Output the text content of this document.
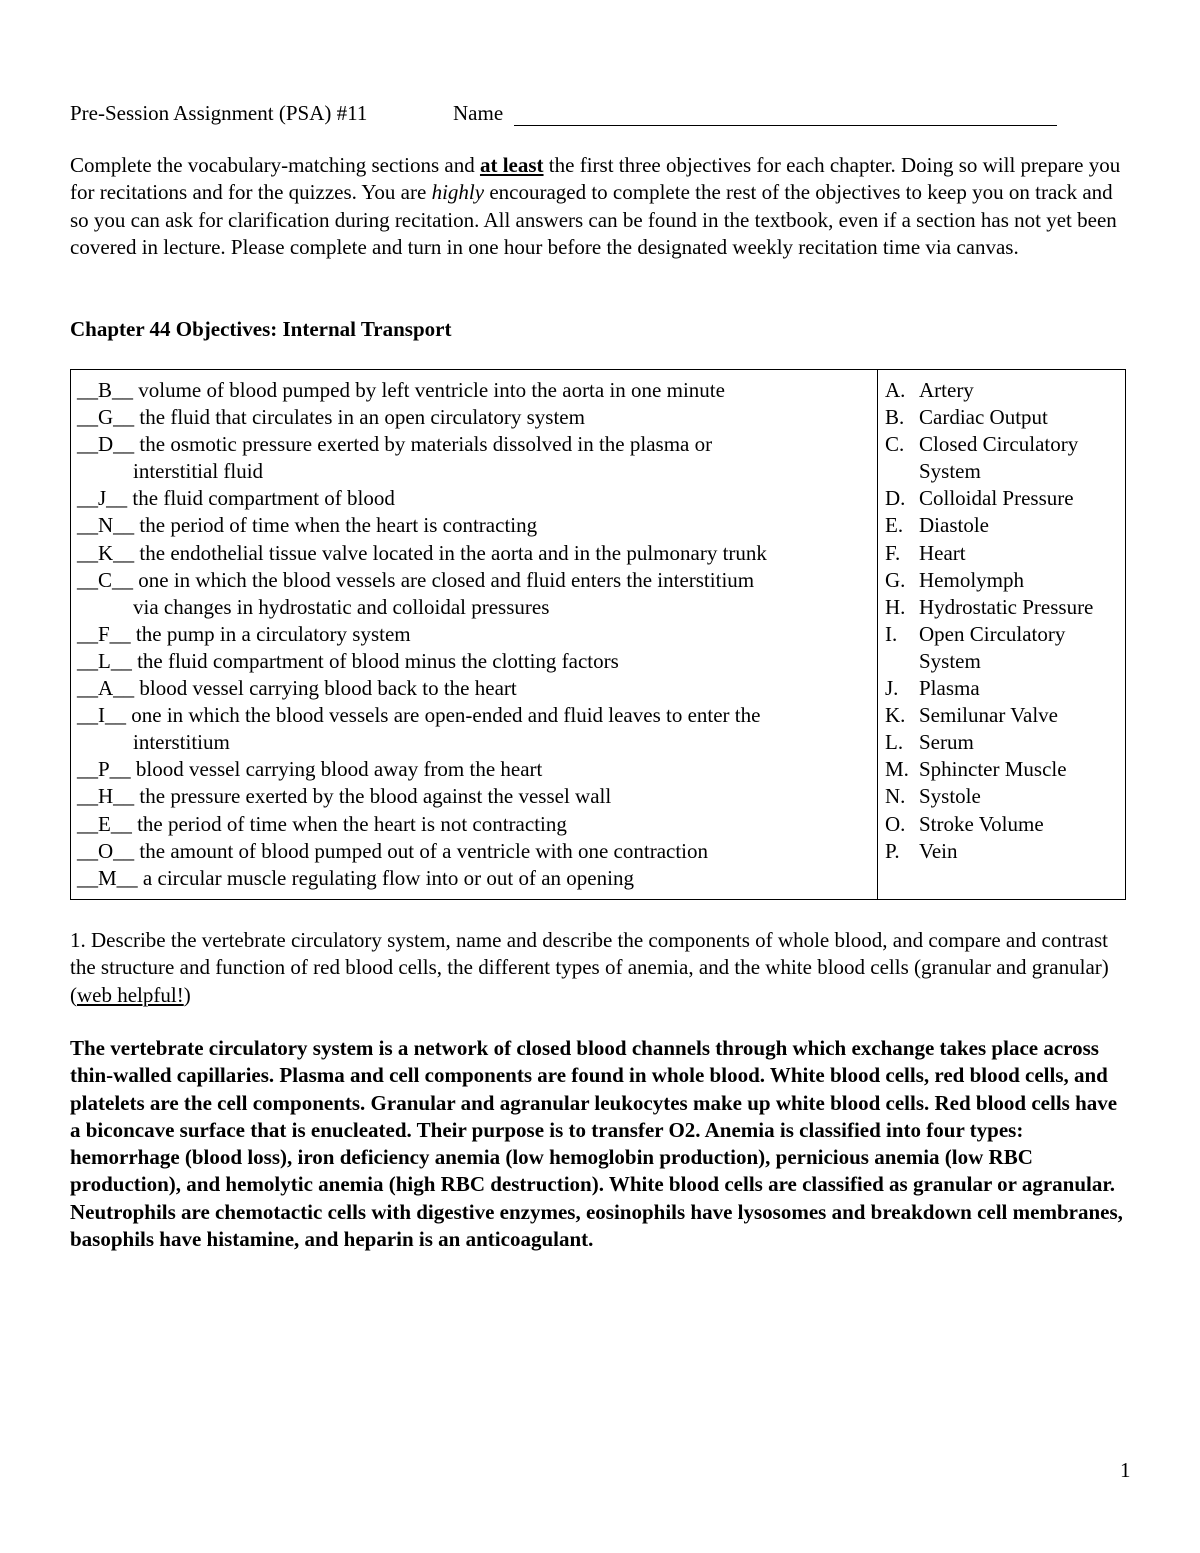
Pre-Session Assignment (PSA) #11	Name
Complete the vocabulary-matching sections and at least the first three objectives for each chapter. Doing so will prepare you for recitations and for the quizzes. You are highly encouraged to complete the rest of the objectives to keep you on track and so you can ask for clarification during recitation. All answers can be found in the textbook, even if a section has not yet been covered in lecture. Please complete and turn in one hour before the designated weekly recitation time via canvas.
Chapter 44 Objectives: Internal Transport
__B__ volume of blood pumped by left ventricle into the aorta in one minute
__G__ the fluid that circulates in an open circulatory system
__D__ the osmotic pressure exerted by materials dissolved in the plasma or
interstitial fluid
__J__ the fluid compartment of blood
__N__ the period of time when the heart is contracting
__K__ the endothelial tissue valve located in the aorta and in the pulmonary trunk
__C__ one in which the blood vessels are closed and fluid enters the interstitium
via changes in hydrostatic and colloidal pressures
__F__ the pump in a circulatory system
__L__ the fluid compartment of blood minus the clotting factors
__A__ blood vessel carrying blood back to the heart
__I__ one in which the blood vessels are open-ended and fluid leaves to enter the
interstitium
__P__ blood vessel carrying blood away from the heart
__H__ the pressure exerted by the blood against the vessel wall
__E__ the period of time when the heart is not contracting
__O__ the amount of blood pumped out of a ventricle with one contraction
__M__ a circular muscle regulating flow into or out of an opening
A. Artery
B. Cardiac Output
C. Closed Circulatory System
D. Colloidal Pressure
E. Diastole
F. Heart
G. Hemolymph
H. Hydrostatic Pressure
I.	Open Circulatory System
J. Plasma
K. Semilunar Valve
L. Serum
M. Sphincter Muscle
N. Systole
O. Stroke Volume
P. Vein
1. Describe the vertebrate circulatory system, name and describe the components of whole blood, and compare and contrast the structure and function of red blood cells, the different types of anemia, and the white blood cells (granular and granular) (web helpful!)
The vertebrate circulatory system is a network of closed blood channels through which exchange takes place across thin-walled capillaries. Plasma and cell components are found in whole blood. White blood cells, red blood cells, and platelets are the cell components. Granular and agranular leukocytes make up white blood cells. Red blood cells have a biconcave surface that is enucleated. Their purpose is to transfer O2. Anemia is classified into four types: hemorrhage (blood loss), iron deficiency anemia (low hemoglobin production), pernicious anemia (low RBC production), and hemolytic anemia (high RBC destruction). White blood cells are classified as granular or agranular. Neutrophils are chemotactic cells with digestive enzymes, eosinophils have lysosomes and breakdown cell membranes, basophils have histamine, and heparin is an anticoagulant.
1
